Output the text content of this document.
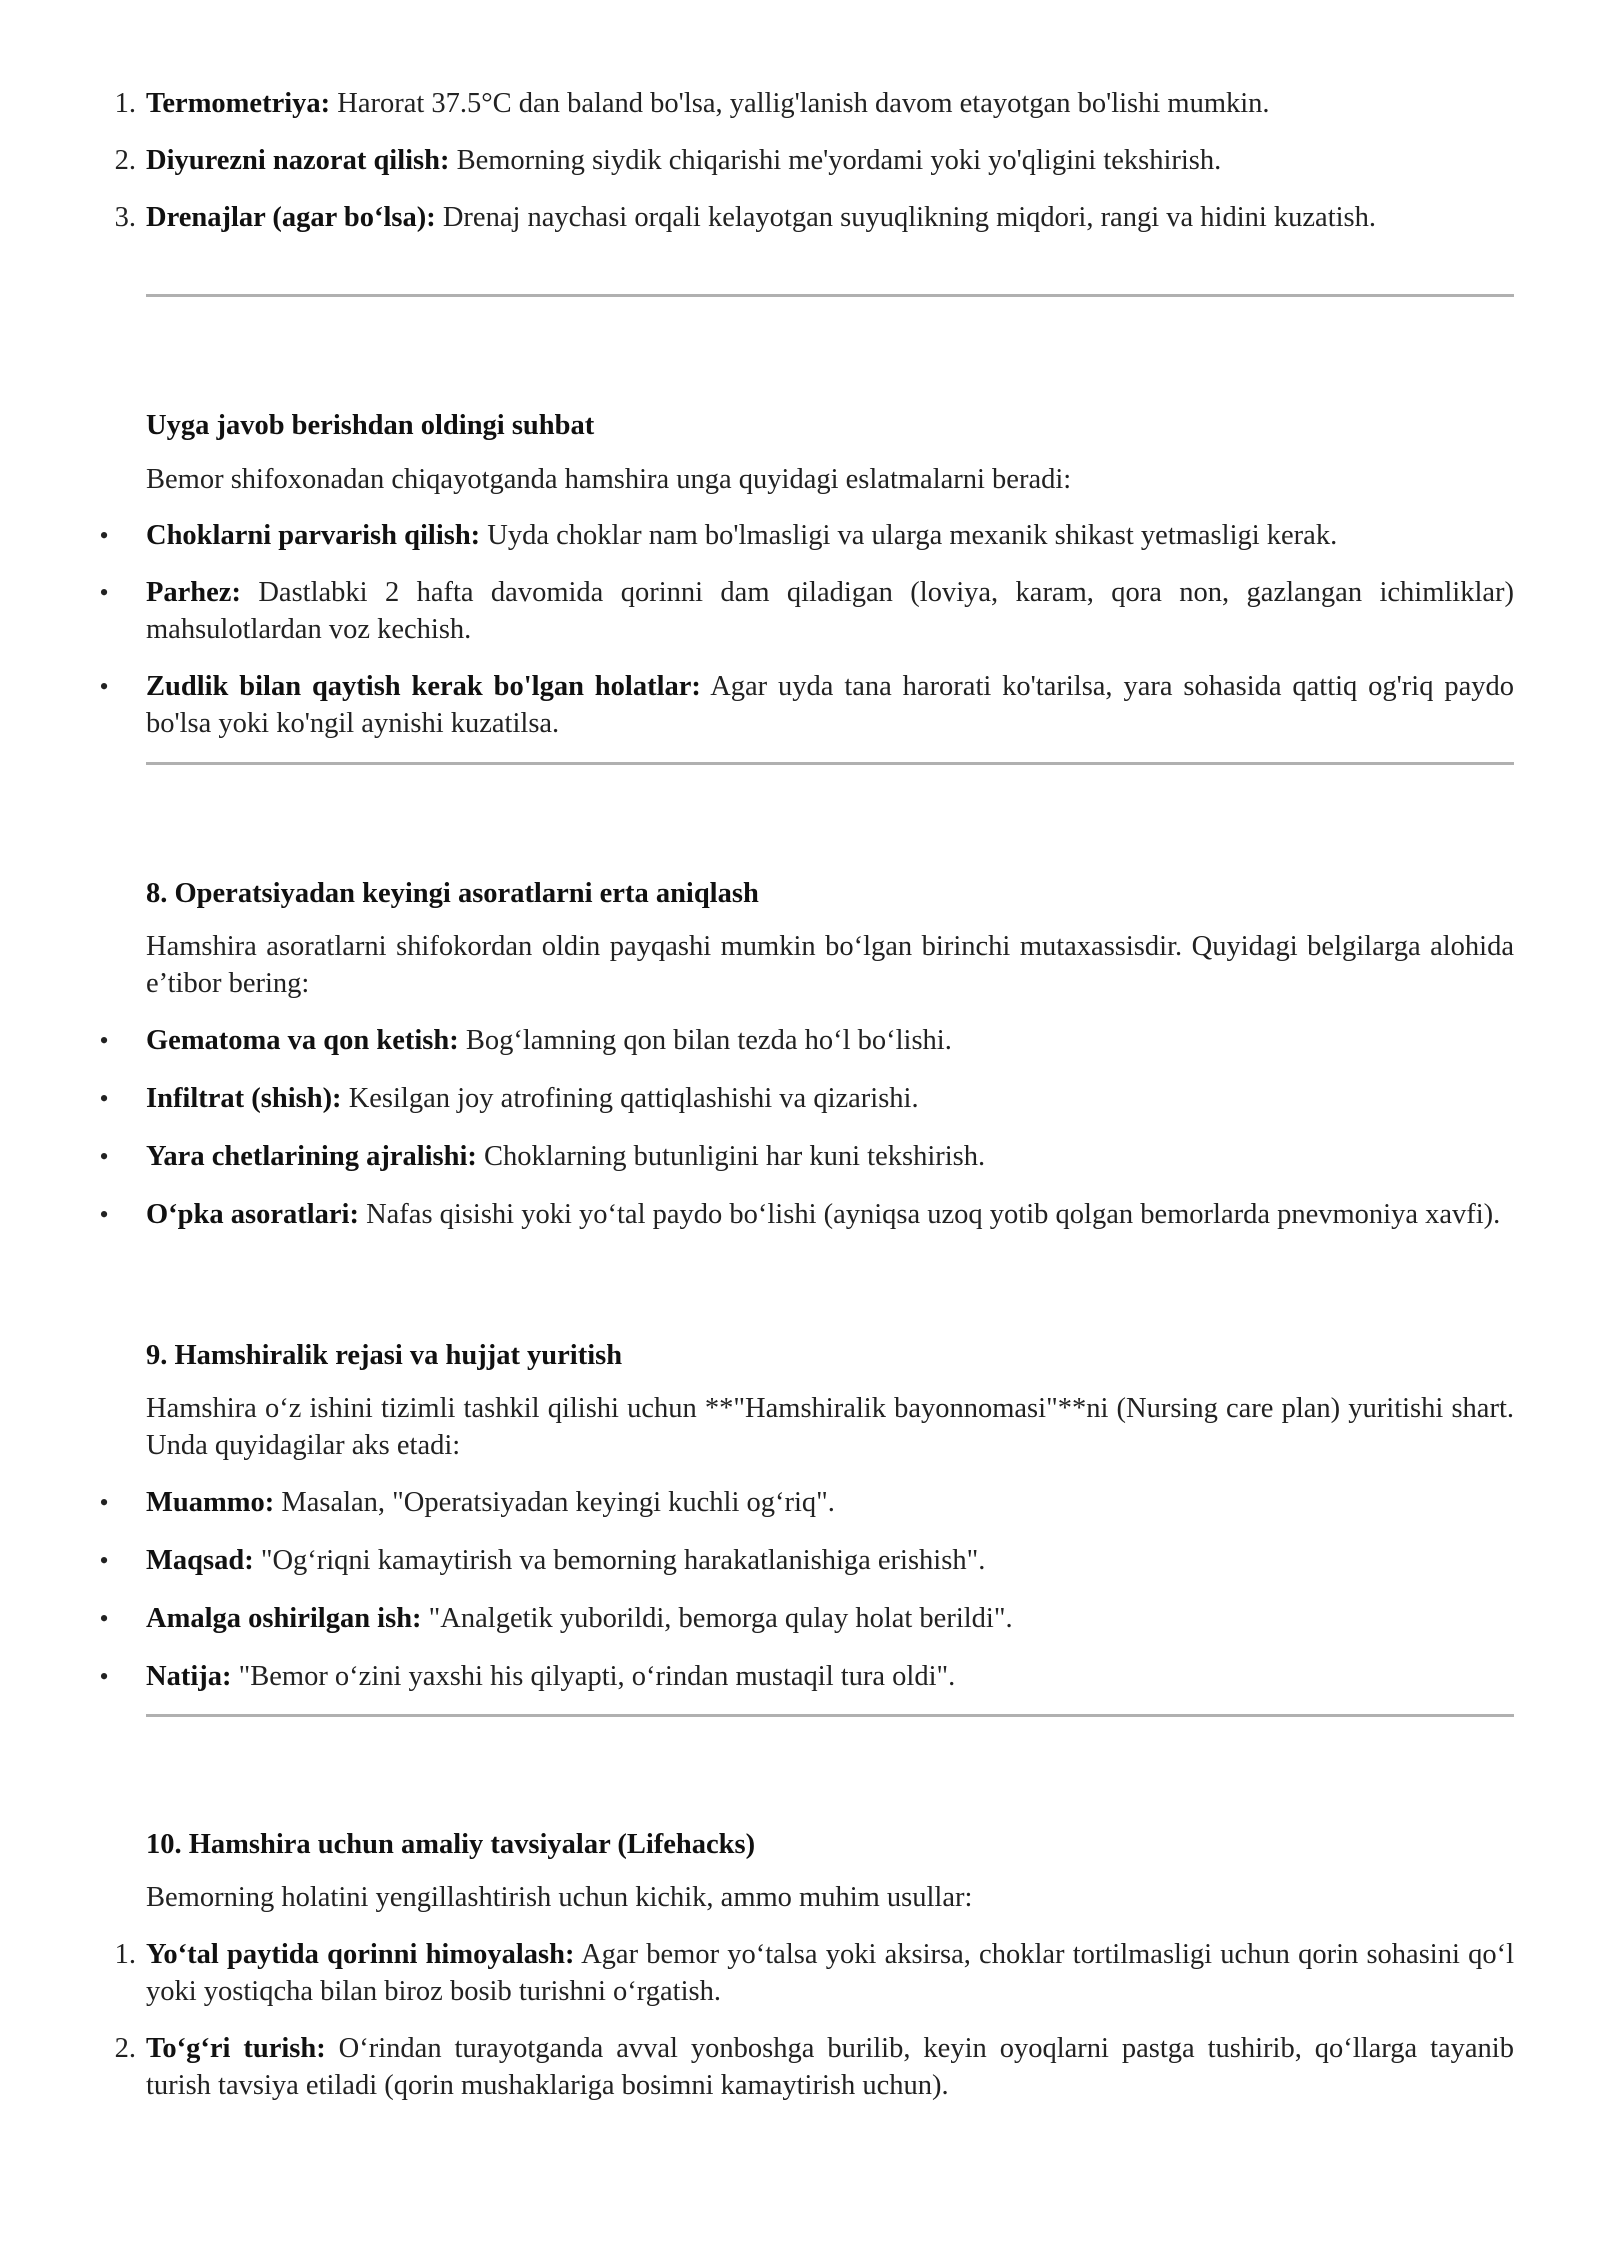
1. Termometriya: Harorat 37.5°C dan baland bo'lsa, yallig'lanish davom etayotgan bo'lishi mumkin.
2. Diyurezni nazorat qilish: Bemorning siydik chiqarishi me'yordami yoki yo'qligini tekshirish.
3. Drenajlar (agar bo‘lsa): Drenaj naychasi orqali kelayotgan suyuqlikning miqdori, rangi va hidini kuzatish.
Uyga javob berishdan oldingi suhbat
Bemor shifoxonadan chiqayotganda hamshira unga quyidagi eslatmalarni beradi:
• Choklarni parvarish qilish: Uyda choklar nam bo'lmasligi va ularga mexanik shikast yetmasligi kerak.
• Parhez: Dastlabki 2 hafta davomida qorinni dam qiladigan (loviya, karam, qora non, gazlangan ichimliklar) mahsulotlardan voz kechish.
• Zudlik bilan qaytish kerak bo'lgan holatlar: Agar uyda tana harorati ko'tarilsa, yara sohasida qattiq og'riq paydo bo'lsa yoki ko'ngil aynishi kuzatilsa.
8. Operatsiyadan keyingi asoratlarni erta aniqlash
Hamshira asoratlarni shifokordan oldin payqashi mumkin bo‘lgan birinchi mutaxassisdir. Quyidagi belgilarga alohida e’tibor bering:
• Gematoma va qon ketish: Bog‘lamning qon bilan tezda ho‘l bo‘lishi.
• Infiltrat (shish): Kesilgan joy atrofining qattiqlashishi va qizarishi.
• Yara chetlarining ajralishi: Choklarning butunligini har kuni tekshirish.
• O‘pka asoratlari: Nafas qisishi yoki yo‘tal paydo bo‘lishi (ayniqsa uzoq yotib qolgan bemorlarda pnevmoniya xavfi).
9. Hamshiralik rejasi va hujjat yuritish
Hamshira o‘z ishini tizimli tashkil qilishi uchun **"Hamshiralik bayonnomasi"**ni (Nursing care plan) yuritishi shart. Unda quyidagilar aks etadi:
• Muammo: Masalan, "Operatsiyadan keyingi kuchli og‘riq".
• Maqsad: "Og‘riqni kamaytirish va bemorning harakatlanishiga erishish".
• Amalga oshirilgan ish: "Analgetik yuborildi, bemorga qulay holat berildi".
• Natija: "Bemor o‘zini yaxshi his qilyapti, o‘rindan mustaqil tura oldi".
10. Hamshira uchun amaliy tavsiyalar (Lifehacks)
Bemorning holatini yengillashtirish uchun kichik, ammo muhim usullar:
1. Yo‘tal paytida qorinni himoyalash: Agar bemor yo‘talsa yoki aksirsa, choklar tortilmasligi uchun qorin sohasini qo‘l yoki yostiqcha bilan biroz bosib turishni o‘rgatish.
2. To‘g‘ri turish: O‘rindan turayotganda avval yonboshga burilib, keyin oyoqlarni pastga tushirib, qo‘llarga tayanib turish tavsiya etiladi (qorin mushaklariga bosimni kamaytirish uchun).
